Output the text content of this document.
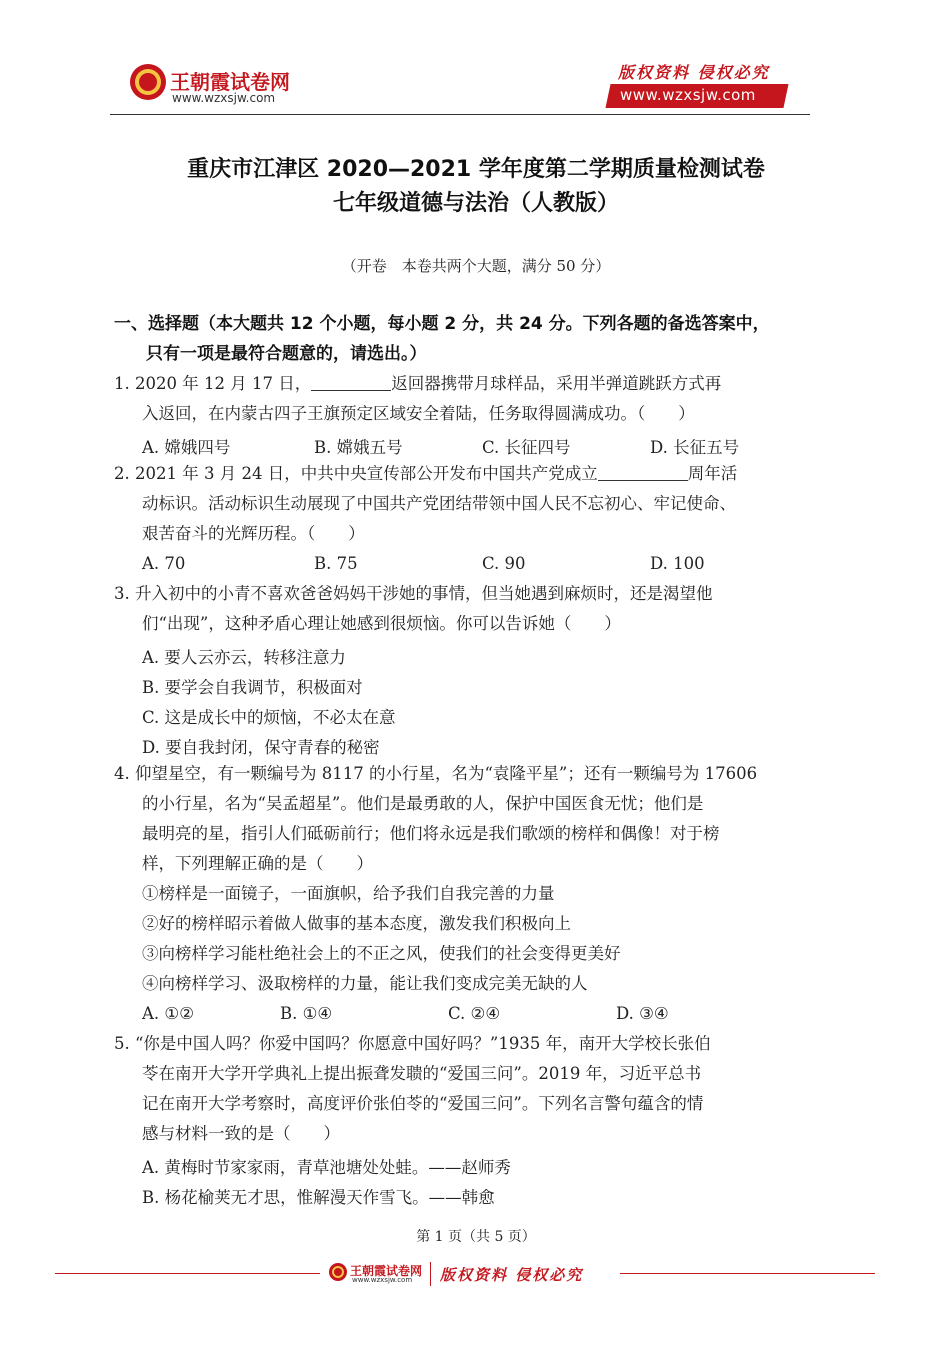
王朝霞试卷网
www.wzxsjw.com
版权资料 侵权必究
www.wzxsjw.com
重庆市江津区 2020—2021 学年度第二学期质量检测试卷
七年级道德与法治（人教版）
（开卷　本卷共两个大题，满分 50 分）
一、选择题（本大题共 12 个小题，每小题 2 分，共 24 分。下列各题的备选答案中，
只有一项是最符合题意的，请选出。）
1. 2020 年 12 月 17 日，	返回器携带月球样品，采用半弹道跳跃方式再
入返回，在内蒙古四子王旗预定区域安全着陆，任务取得圆满成功。（　　）
A. 嫦娥四号	B. 嫦娥五号	C. 长征四号	D. 长征五号
2. 2021 年 3 月 24 日，中共中央宣传部公开发布中国共产党成立	周年活
动标识。活动标识生动展现了中国共产党团结带领中国人民不忘初心、牢记使命、
艰苦奋斗的光辉历程。（　　）
A. 70	B. 75	C. 90	D. 100
3. 升入初中的小青不喜欢爸爸妈妈干涉她的事情，但当她遇到麻烦时，还是渴望他
们“出现”，这种矛盾心理让她感到很烦恼。你可以告诉她（　　）
A. 要人云亦云，转移注意力
B. 要学会自我调节，积极面对
C. 这是成长中的烦恼，不必太在意
D. 要自我封闭，保守青春的秘密
4. 仰望星空，有一颗编号为 8117 的小行星，名为“袁隆平星”；还有一颗编号为 17606
的小行星，名为“吴孟超星”。他们是最勇敢的人，保护中国医食无忧；他们是
最明亮的星，指引人们砥砺前行；他们将永远是我们歌颂的榜样和偶像！对于榜
样，下列理解正确的是（　　）
①榜样是一面镜子，一面旗帜，给予我们自我完善的力量
②好的榜样昭示着做人做事的基本态度，激发我们积极向上
③向榜样学习能杜绝社会上的不正之风，使我们的社会变得更美好
④向榜样学习、汲取榜样的力量，能让我们变成完美无缺的人
A. ①②	B. ①④	C. ②④	D. ③④
5. “你是中国人吗？你爱中国吗？你愿意中国好吗？”1935 年，南开大学校长张伯
苓在南开大学开学典礼上提出振聋发聩的“爱国三问”。2019 年，习近平总书
记在南开大学考察时，高度评价张伯苓的“爱国三问”。下列名言警句蕴含的情
感与材料一致的是（　　）
A. 黄梅时节家家雨，青草池塘处处蛙。——赵师秀
B. 杨花榆荚无才思，惟解漫天作雪飞。——韩愈
第 1 页（共 5 页）
王朝霞试卷网
www.wzxsjw.com 版权资料 侵权必究
